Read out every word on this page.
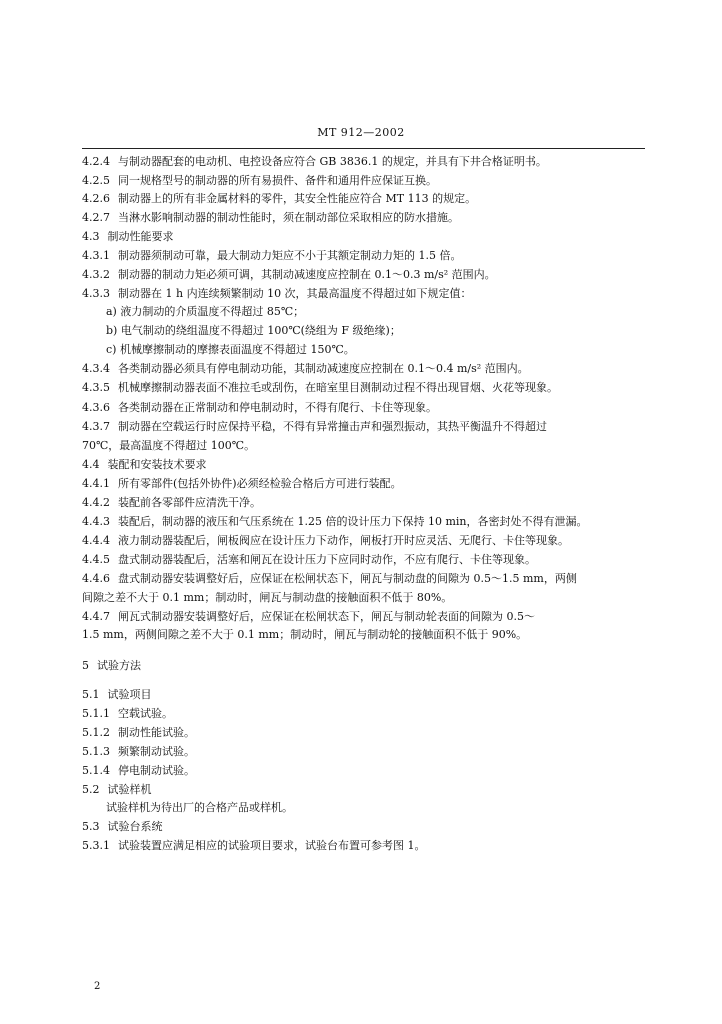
MT 912—2002
4.2.4 与制动器配套的电动机、电控设备应符合 GB 3836.1 的规定，并具有下井合格证明书。
4.2.5 同一规格型号的制动器的所有易损件、备件和通用件应保证互换。
4.2.6 制动器上的所有非金属材料的零件，其安全性能应符合 MT 113 的规定。
4.2.7 当淋水影响制动器的制动性能时，须在制动部位采取相应的防水措施。
4.3 制动性能要求
4.3.1 制动器须制动可靠，最大制动力矩应不小于其额定制动力矩的 1.5 倍。
4.3.2 制动器的制动力矩必须可调，其制动减速度应控制在 0.1～0.3 m/s² 范围内。
4.3.3 制动器在 1 h 内连续频繁制动 10 次，其最高温度不得超过如下规定值：
a) 液力制动的介质温度不得超过 85℃；
b) 电气制动的绕组温度不得超过 100℃(绕组为 F 级绝缘)；
c) 机械摩擦制动的摩擦表面温度不得超过 150℃。
4.3.4 各类制动器必须具有停电制动功能，其制动减速度应控制在 0.1～0.4 m/s² 范围内。
4.3.5 机械摩擦制动器表面不准拉毛或刮伤，在暗室里目测制动过程不得出现冒烟、火花等现象。
4.3.6 各类制动器在正常制动和停电制动时，不得有爬行、卡住等现象。
4.3.7 制动器在空载运行时应保持平稳，不得有异常撞击声和强烈振动，其热平衡温升不得超过
70℃，最高温度不得超过 100℃。
4.4 装配和安装技术要求
4.4.1 所有零部件(包括外协件)必须经检验合格后方可进行装配。
4.4.2 装配前各零部件应清洗干净。
4.4.3 装配后，制动器的液压和气压系统在 1.25 倍的设计压力下保持 10 min，各密封处不得有泄漏。
4.4.4 液力制动器装配后，闸板阀应在设计压力下动作，闸板打开时应灵活、无爬行、卡住等现象。
4.4.5 盘式制动器装配后，活塞和闸瓦在设计压力下应同时动作，不应有爬行、卡住等现象。
4.4.6 盘式制动器安装调整好后，应保证在松闸状态下，闸瓦与制动盘的间隙为 0.5～1.5 mm，两侧
间隙之差不大于 0.1 mm；制动时，闸瓦与制动盘的接触面积不低于 80%。
4.4.7 闸瓦式制动器安装调整好后，应保证在松闸状态下，闸瓦与制动轮表面的间隙为 0.5～
1.5 mm，两侧间隙之差不大于 0.1 mm；制动时，闸瓦与制动轮的接触面积不低于 90%。
5 试验方法
5.1 试验项目
5.1.1 空载试验。
5.1.2 制动性能试验。
5.1.3 频繁制动试验。
5.1.4 停电制动试验。
5.2 试验样机
试验样机为待出厂的合格产品或样机。
5.3 试验台系统
5.3.1 试验装置应满足相应的试验项目要求，试验台布置可参考图 1。
2
